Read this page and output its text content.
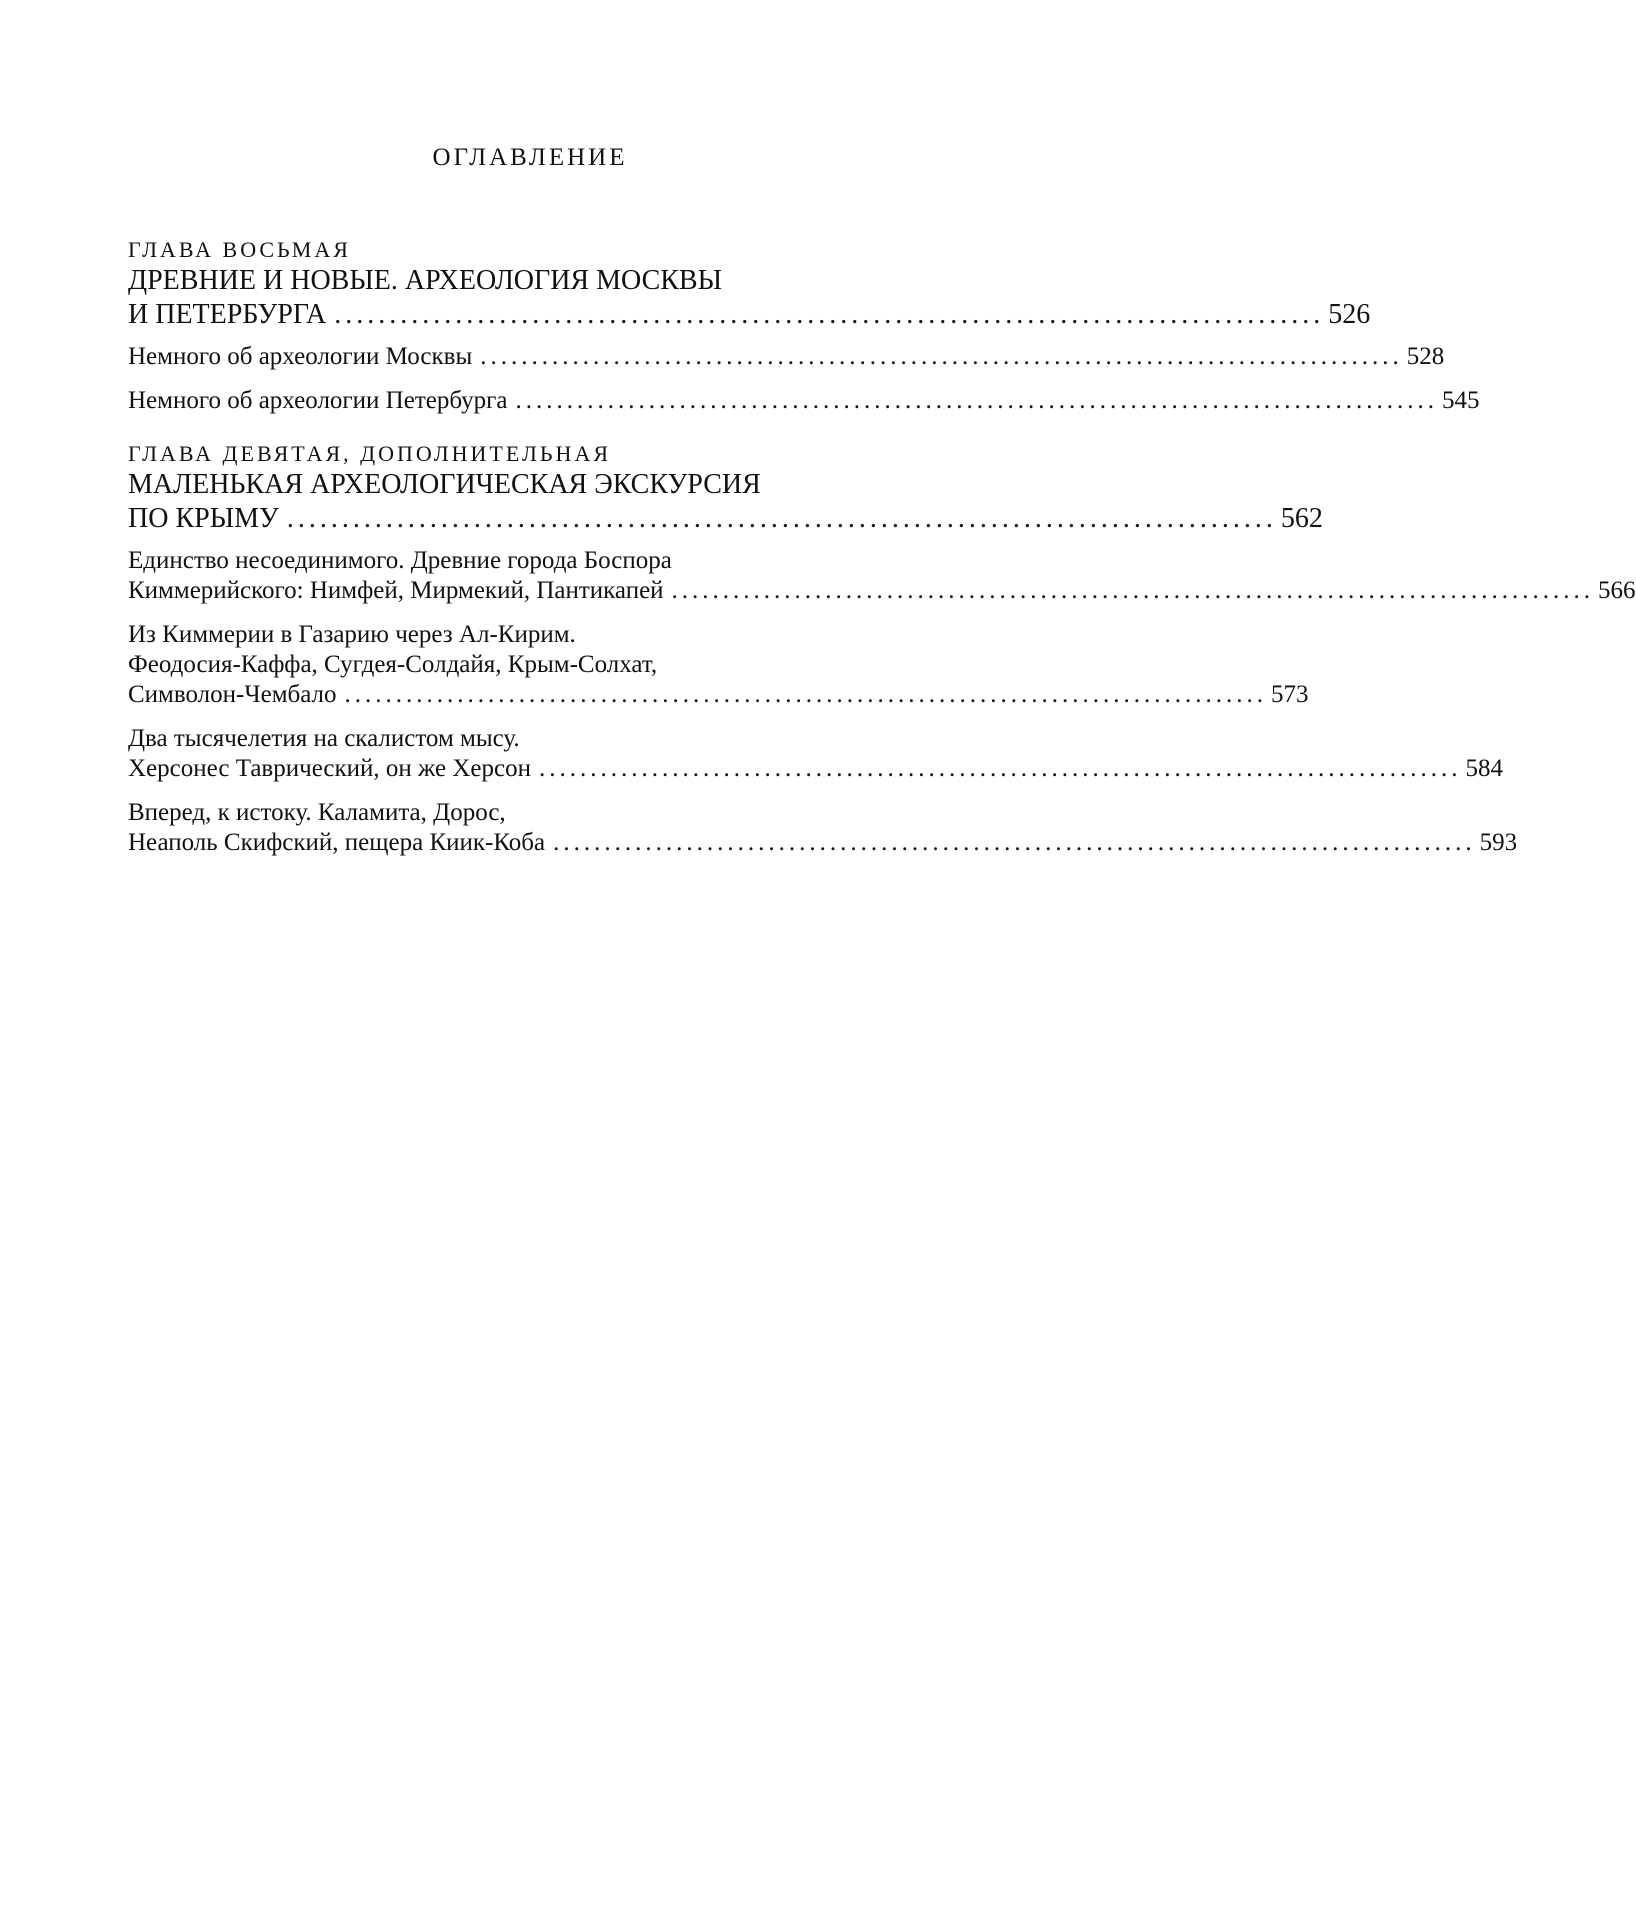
ОГЛАВЛЕНИЕ
ГЛАВА ВОСЬМАЯ
ДРЕВНИЕ И НОВЫЕ. АРХЕОЛОГИЯ МОСКВЫ
И ПЕТЕРБУРГА .......................................................................................... 526
Немного об археологии Москвы .......................................................................................... 528
Немного об археологии Петербурга .......................................................................................... 545
ГЛАВА ДЕВЯТАЯ, ДОПОЛНИТЕЛЬНАЯ
МАЛЕНЬКАЯ АРХЕОЛОГИЧЕСКАЯ ЭКСКУРСИЯ
ПО КРЫМУ .......................................................................................... 562
Единство несоединимого. Древние города Боспора
Киммерийского: Нимфей, Мирмекий, Пантикапей .......................................................................................... 566
Из Киммерии в Газарию через Ал-Кирим.
Феодосия-Каффа, Сугдея-Солдайя, Крым-Солхат,
Символон-Чембало .......................................................................................... 573
Два тысячелетия на скалистом мысу.
Херсонес Таврический, он же Херсон .......................................................................................... 584
Вперед, к истоку. Каламита, Дорос,
Неаполь Скифский, пещера Киик-Коба .......................................................................................... 593
